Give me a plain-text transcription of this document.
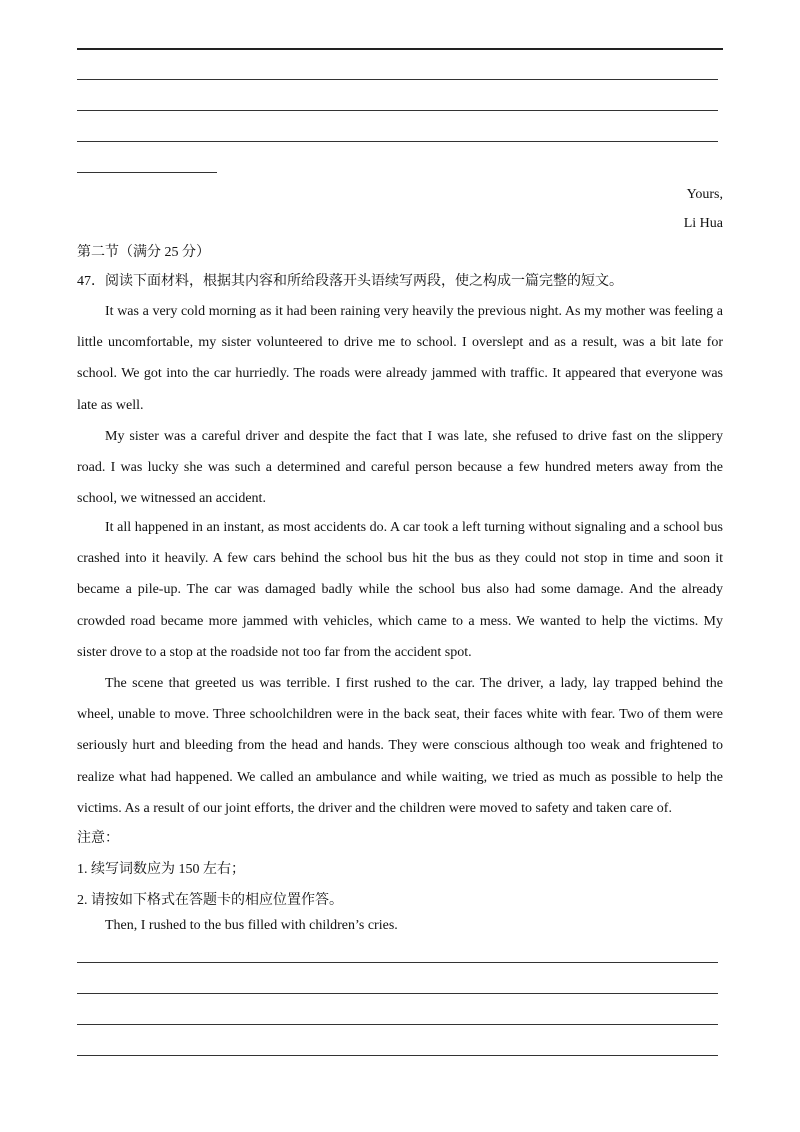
Yours,
Li Hua
第二节（满分 25 分）
47．阅读下面材料，根据其内容和所给段落开头语续写两段，使之构成一篇完整的短文。

It was a very cold morning as it had been raining very heavily the previous night. As my mother was feeling a little uncomfortable, my sister volunteered to drive me to school. I overslept and as a result, was a bit late for school. We got into the car hurriedly. The roads were already jammed with traffic. It appeared that everyone was late as well.

My sister was a careful driver and despite the fact that I was late, she refused to drive fast on the slippery road. I was lucky she was such a determined and careful person because a few hundred meters away from the school, we witnessed an accident.

It all happened in an instant, as most accidents do. A car took a left turning without signaling and a school bus crashed into it heavily. A few cars behind the school bus hit the bus as they could not stop in time and soon it became a pile-up. The car was damaged badly while the school bus also had some damage. And the already crowded road became more jammed with vehicles, which came to a mess. We wanted to help the victims. My sister drove to a stop at the roadside not too far from the accident spot.

The scene that greeted us was terrible. I first rushed to the car. The driver, a lady, lay trapped behind the wheel, unable to move. Three schoolchildren were in the back seat, their faces white with fear. Two of them were seriously hurt and bleeding from the head and hands. They were conscious although too weak and frightened to realize what had happened. We called an ambulance and while waiting, we tried as much as possible to help the victims. As a result of our joint efforts, the driver and the children were moved to safety and taken care of.

注意：
1. 续写词数应为 150 左右；
2. 请按如下格式在答题卡的相应位置作答。
Then, I rushed to the bus filled with children’s cries.
